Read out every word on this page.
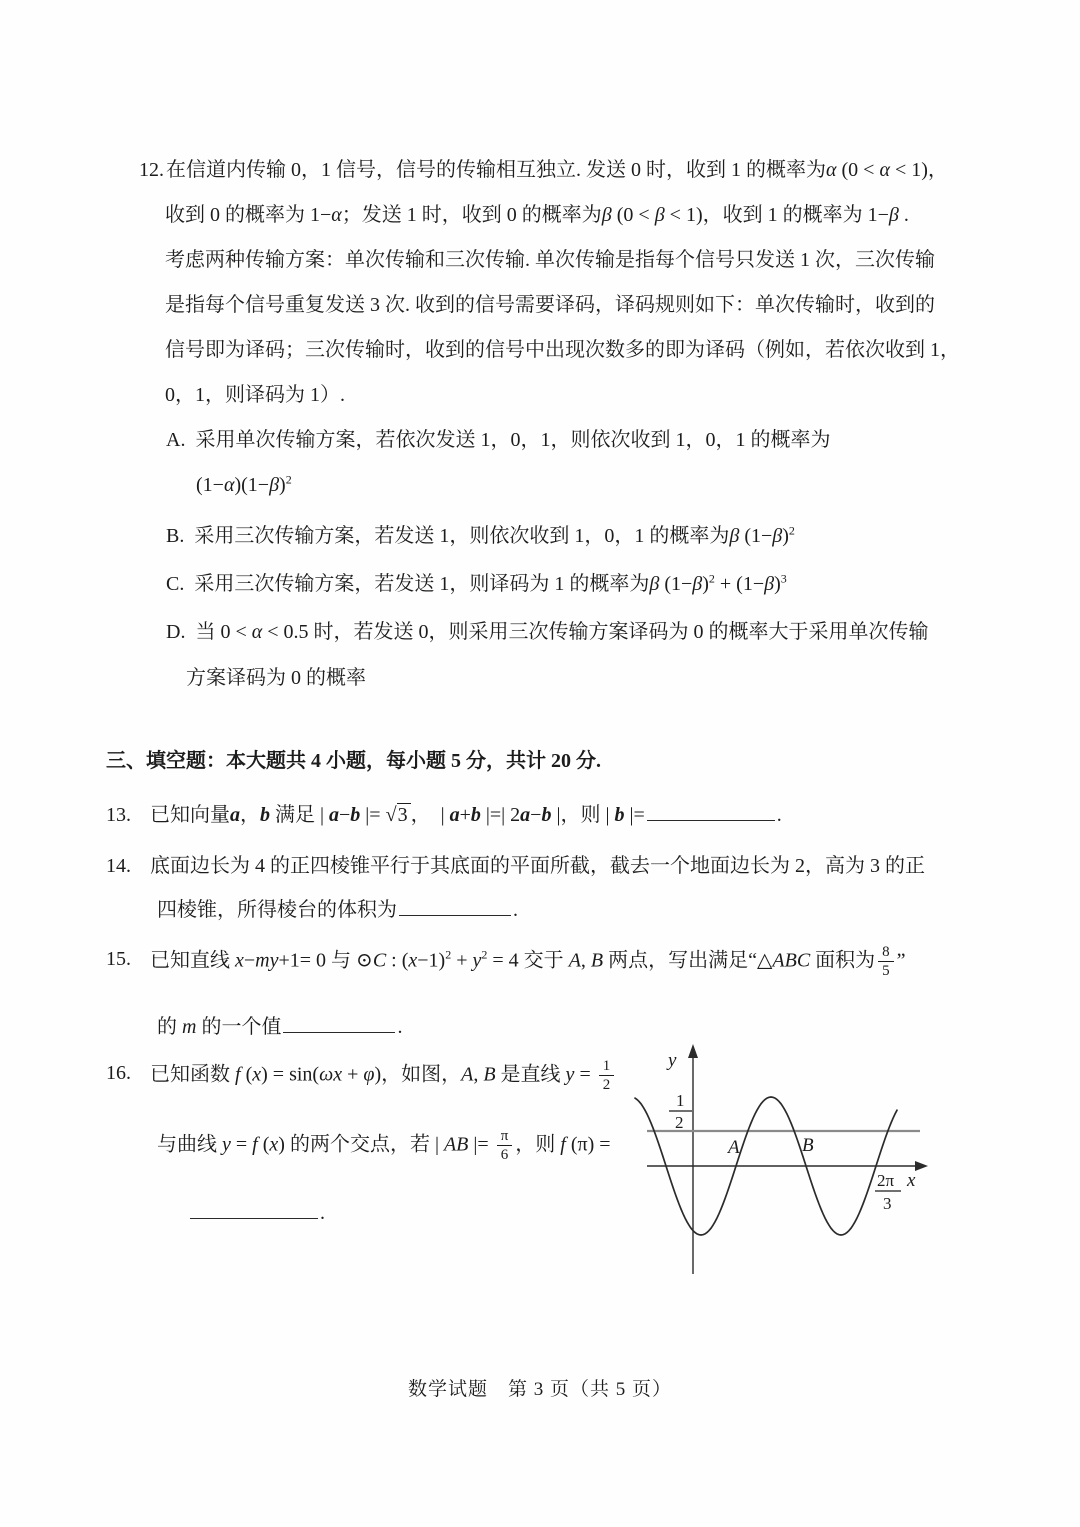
12. 在信道内传输 0，1 信号，信号的传输相互独立. 发送 0 时，收到 1 的概率为α (0 < α < 1)，
收到 0 的概率为 1−α；发送 1 时，收到 0 的概率为β (0 < β < 1)，收到 1 的概率为 1−β .
考虑两种传输方案：单次传输和三次传输. 单次传输是指每个信号只发送 1 次，三次传输
是指每个信号重复发送 3 次. 收到的信号需要译码，译码规则如下：单次传输时，收到的
信号即为译码；三次传输时，收到的信号中出现次数多的即为译码（例如，若依次收到 1，
0，1，则译码为 1）.
A.  采用单次传输方案，若依次发送 1，0，1，则依次收到 1，0，1 的概率为
$(1-\alpha)(1-\beta)^2$
B.  采用三次传输方案，若发送 1，则依次收到 1，0，1 的概率为β $(1-\beta)^2$
C.  采用三次传输方案，若发送 1，则译码为 1 的概率为β $(1-\beta)^2 + (1-\beta)^3$
D.  当 0 < α < 0.5 时，若发送 0，则采用三次传输方案译码为 0 的概率大于采用单次传输
方案译码为 0 的概率
三、填空题：本大题共 4 小题，每小题 5 分，共计 20 分.
13. 已知向量a，b 满足 | a−b |= √3 ，  | a+b |=| 2a−b |，则 | b |=	.
14. 底面边长为 4 的正四棱锥平行于其底面的平面所截，截去一个地面边长为 2，高为 3 的正
四棱锥，所得棱台的体积为	.
15. 已知直线 x−my+1= 0 与 ⊙C : $(x-1)^2 + y^2 = 4$ 交于 A, B 两点，写出满足“△ABC 面积为 $\frac{8}{5}$ ”
的 m 的一个值	.
16. 已知函数 f (x) = sin(ωx + φ)，如图，A, B 是直线 $y = \frac{1}{2}$
与曲线 y = f (x) 的两个交点，若 | AB |= $\frac{\pi}{6}$ ，则 f (π) =
.
y
x
1
2
A	B
2π
3
数学试题　第 3 页（共 5 页）
